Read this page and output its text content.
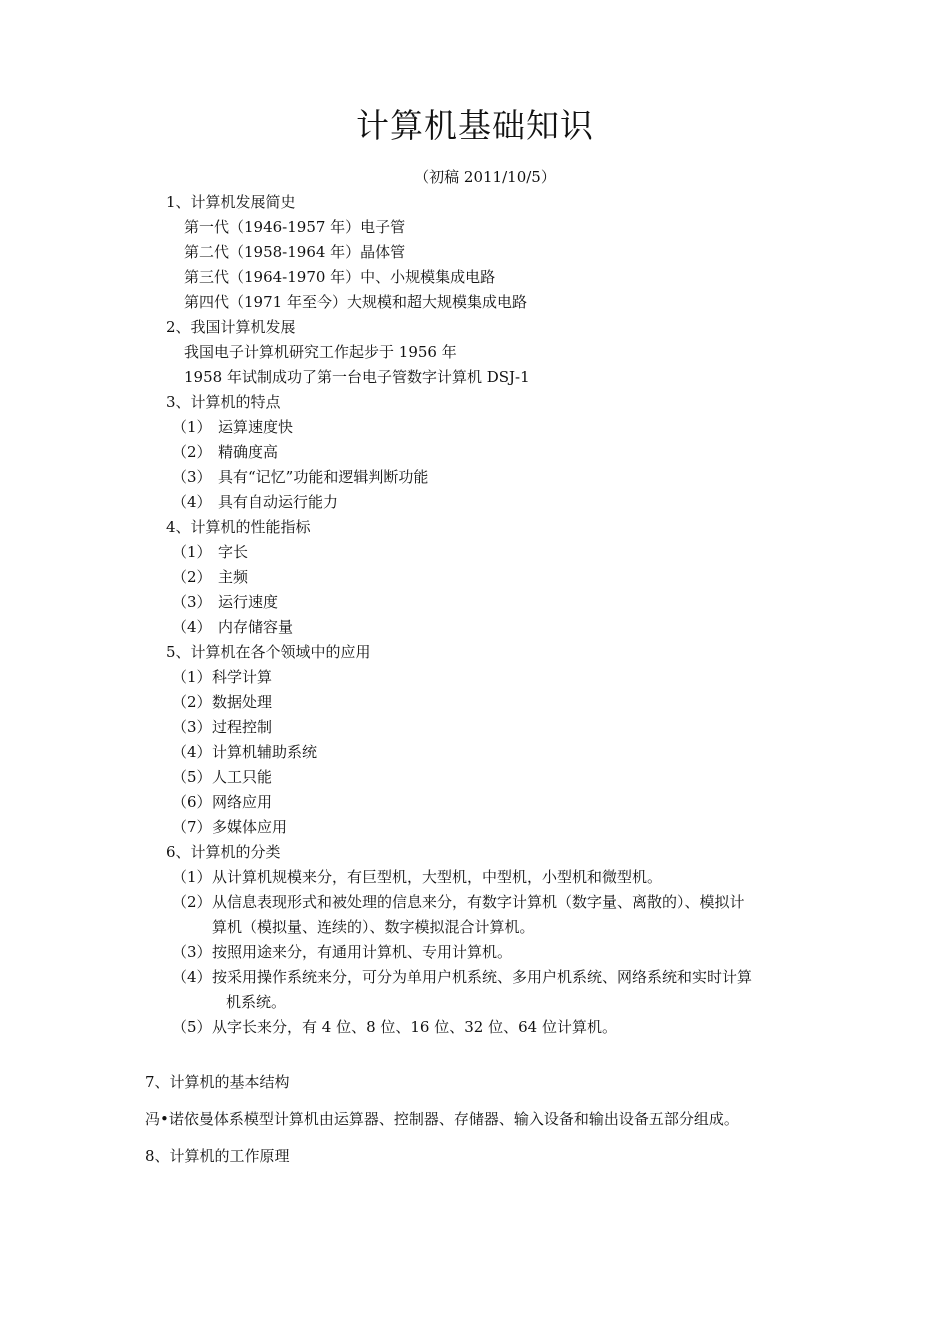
计算机基础知识
（初稿 2011/10/5）
1、计算机发展简史
第一代（1946-1957 年）电子管
第二代（1958-1964 年）晶体管
第三代（1964-1970 年）中、小规模集成电路
第四代（1971 年至今）大规模和超大规模集成电路
2、我国计算机发展
我国电子计算机研究工作起步于 1956 年
1958 年试制成功了第一台电子管数字计算机 DSJ-1
3、计算机的特点
（1） 运算速度快
（2） 精确度高
（3） 具有“记忆”功能和逻辑判断功能
（4） 具有自动运行能力
4、计算机的性能指标
（1） 字长
（2） 主频
（3） 运行速度
（4） 内存储容量
5、计算机在各个领域中的应用
（1）科学计算
（2）数据处理
（3）过程控制
（4）计算机辅助系统
（5）人工只能
（6）网络应用
（7）多媒体应用
6、计算机的分类
（1）从计算机规模来分，有巨型机，大型机，中型机，小型机和微型机。
（2）从信息表现形式和被处理的信息来分，有数字计算机（数字量、离散的）、模拟计
算机（模拟量、连续的）、数字模拟混合计算机。
（3）按照用途来分，有通用计算机、专用计算机。
（4）按采用操作系统来分，可分为单用户机系统、多用户机系统、网络系统和实时计算
机系统。
（5）从字长来分，有 4 位、8 位、16 位、32 位、64 位计算机。
7、计算机的基本结构
冯•诺依曼体系模型计算机由运算器、控制器、存储器、输入设备和输出设备五部分组成。
8、计算机的工作原理
